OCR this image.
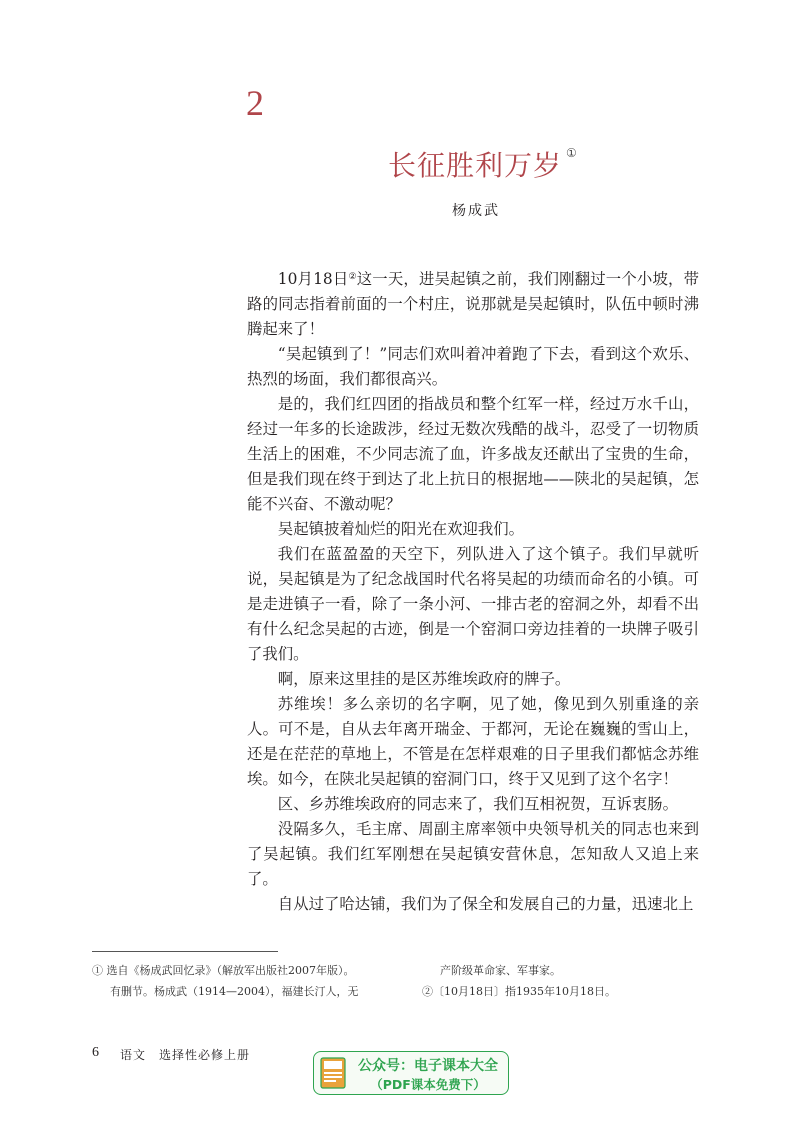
2
长征胜利万岁 ①
杨成武

10月18日②这一天，进吴起镇之前，我们刚翻过一个小坡，带路的同志指着前面的一个村庄，说那就是吴起镇时，队伍中顿时沸腾起来了！

“吴起镇到了！”同志们欢叫着冲着跑了下去，看到这个欢乐、热烈的场面，我们都很高兴。

是的，我们红四团的指战员和整个红军一样，经过万水千山，经过一年多的长途跋涉，经过无数次残酷的战斗，忍受了一切物质生活上的困难，不少同志流了血，许多战友还献出了宝贵的生命，但是我们现在终于到达了北上抗日的根据地——陕北的吴起镇，怎能不兴奋、不激动呢？

吴起镇披着灿烂的阳光在欢迎我们。

我们在蓝盈盈的天空下，列队进入了这个镇子。我们早就听说，吴起镇是为了纪念战国时代名将吴起的功绩而命名的小镇。可是走进镇子一看，除了一条小河、一排古老的窑洞之外，却看不出有什么纪念吴起的古迹，倒是一个窑洞口旁边挂着的一块牌子吸引了我们。

啊，原来这里挂的是区苏维埃政府的牌子。

苏维埃！多么亲切的名字啊，见了她，像见到久别重逢的亲人。可不是，自从去年离开瑞金、于都河，无论在巍巍的雪山上，还是在茫茫的草地上，不管是在怎样艰难的日子里我们都惦念苏维埃。如今，在陕北吴起镇的窑洞门口，终于又见到了这个名字！

区、乡苏维埃政府的同志来了，我们互相祝贺，互诉衷肠。

没隔多久，毛主席、周副主席率领中央领导机关的同志也来到了吴起镇。我们红军刚想在吴起镇安营休息，怎知敌人又追上来了。

自从过了哈达铺，我们为了保全和发展自己的力量，迅速北上

① 选自《杨成武回忆录》（解放军出版社2007年版）。
有删节。杨成武（1914—2004），福建长汀人，无
产阶级革命家、军事家。
②〔10月18日〕指1935年10月18日。
6 语文　选择性必修上册
公众号：电子课本大全
（PDF课本免费下）
